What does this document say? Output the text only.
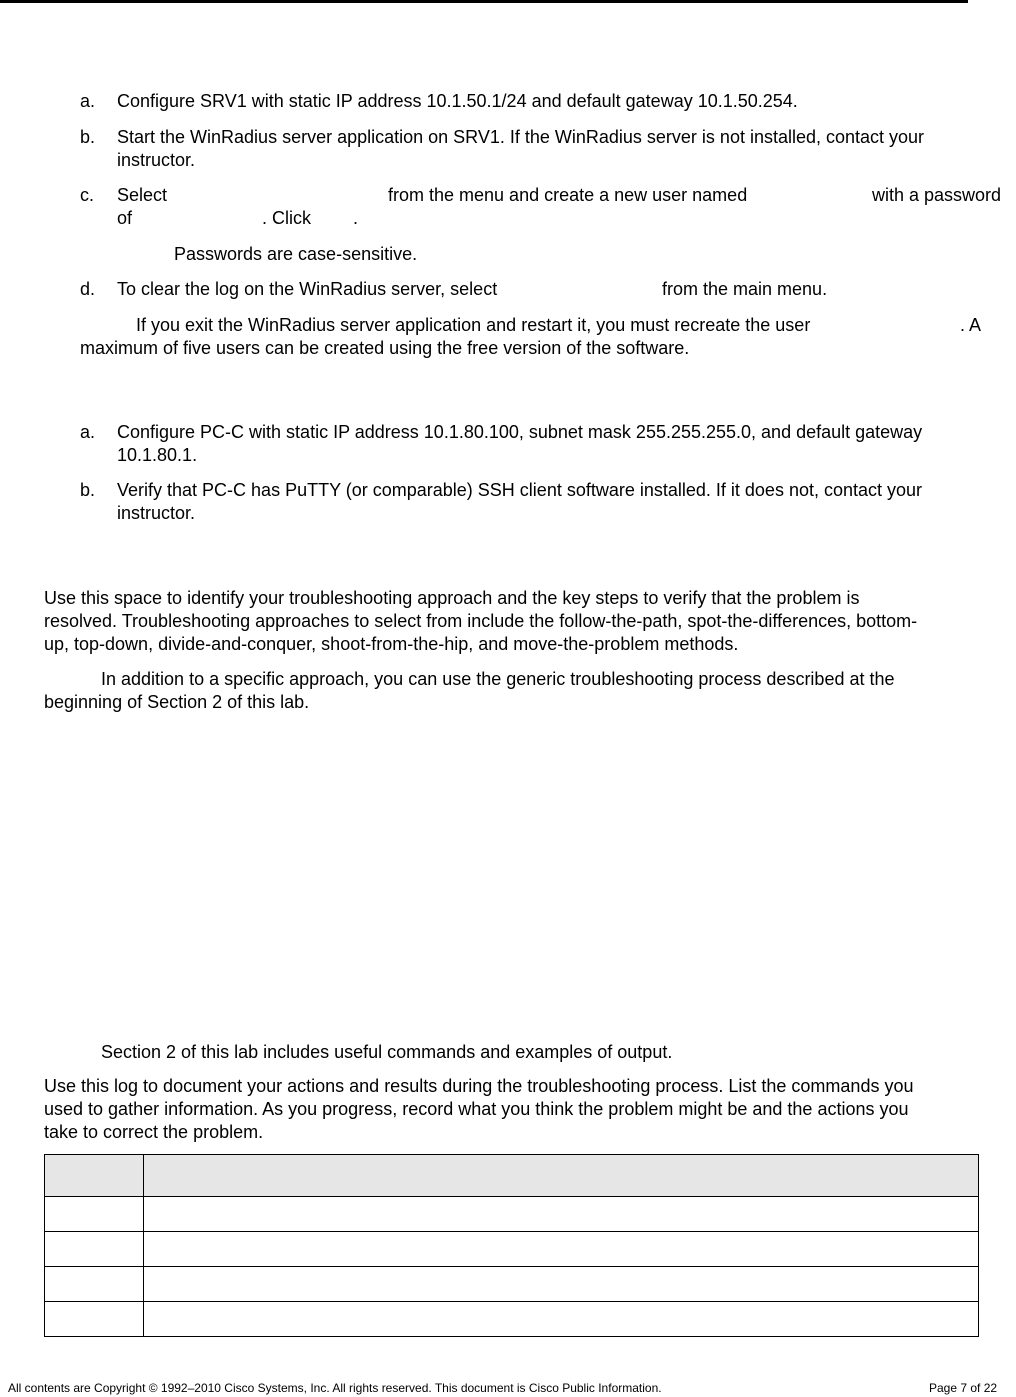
a. Configure SRV1 with static IP address 10.1.50.1/24 and default gateway 10.1.50.254.
b. Start the WinRadius server application on SRV1. If the WinRadius server is not installed, contact your
instructor.
c. Select	from the menu and create a new user named	with a password
of	. Click .
Passwords are case-sensitive.
d. To clear the log on the WinRadius server, select	from the main menu.
If you exit the WinRadius server application and restart it, you must recreate the user	. A
maximum of five users can be created using the free version of the software.
a. Configure PC-C with static IP address 10.1.80.100, subnet mask 255.255.255.0, and default gateway
10.1.80.1.
b. Verify that PC-C has PuTTY (or comparable) SSH client software installed. If it does not, contact your
instructor.
Use this space to identify your troubleshooting approach and the key steps to verify that the problem is
resolved. Troubleshooting approaches to select from include the follow-the-path, spot-the-differences, bottom-
up, top-down, divide-and-conquer, shoot-from-the-hip, and move-the-problem methods.
In addition to a specific approach, you can use the generic troubleshooting process described at the
beginning of Section 2 of this lab.
Section 2 of this lab includes useful commands and examples of output.
Use this log to document your actions and results during the troubleshooting process. List the commands you
used to gather information. As you progress, record what you think the problem might be and the actions you
take to correct the problem.

All contents are Copyright © 1992–2010 Cisco Systems, Inc. All rights reserved. This document is Cisco Public Information.	Page 7 of 22
